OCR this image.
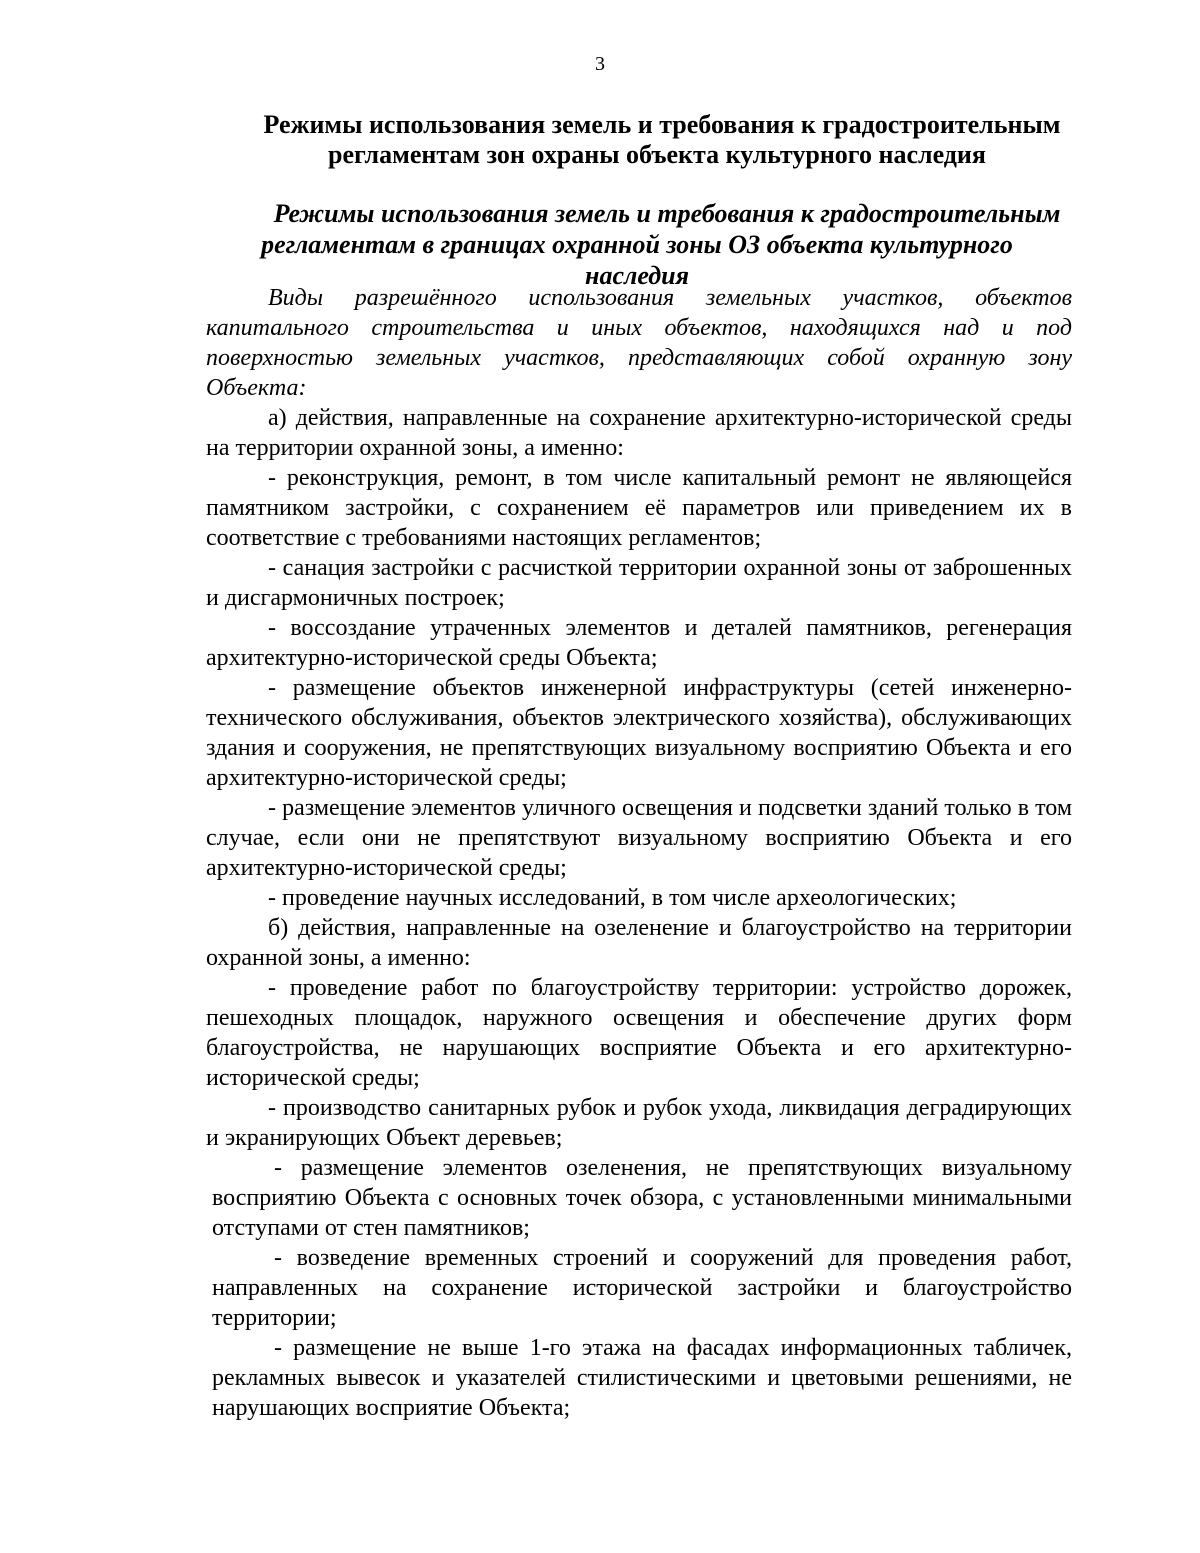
3
Режимы использования земель и требования к градостроительным
регламентам зон охраны объекта культурного наследия
Режимы использования земель и требования к градостроительным
регламентам в границах охранной зоны ОЗ объекта культурного наследия

Виды разрешённого использования земельных участков, объектов капитального строительства и иных объектов, находящихся над и под поверхностью земельных участков, представляющих собой охранную зону Объекта:

а) действия, направленные на сохранение архитектурно-исторической среды на территории охранной зоны, а именно:

- реконструкция, ремонт, в том числе капитальный ремонт не являющейся памятником застройки, с сохранением её параметров или приведением их в соответствие с требованиями настоящих регламентов;

- санация застройки с расчисткой территории охранной зоны от заброшенных и дисгармоничных построек;

- воссоздание утраченных элементов и деталей памятников, регенерация архитектурно-исторической среды Объекта;

- размещение объектов инженерной инфраструктуры (сетей инженерно-технического обслуживания, объектов электрического хозяйства), обслуживающих здания и сооружения, не препятствующих визуальному восприятию Объекта и его архитектурно-исторической среды;

- размещение элементов уличного освещения и подсветки зданий только в том случае, если они не препятствуют визуальному восприятию Объекта и его архитектурно-исторической среды;

- проведение научных исследований, в том числе археологических;

б) действия, направленные на озеленение и благоустройство на территории охранной зоны, а именно:

- проведение работ по благоустройству территории: устройство дорожек, пешеходных площадок, наружного освещения и обеспечение других форм благоустройства, не нарушающих восприятие Объекта и его архитектурно-исторической среды;

- производство санитарных рубок и рубок ухода, ликвидация деградирующих и экранирующих Объект деревьев;

- размещение элементов озеленения, не препятствующих визуальному восприятию Объекта с основных точек обзора, с установленными минимальными отступами от стен памятников;

- возведение временных строений и сооружений для проведения работ, направленных на сохранение исторической застройки и благоустройство территории;

- размещение не выше 1-го этажа на фасадах информационных табличек, рекламных вывесок и указателей стилистическими и цветовыми решениями, не нарушающих восприятие Объекта;
